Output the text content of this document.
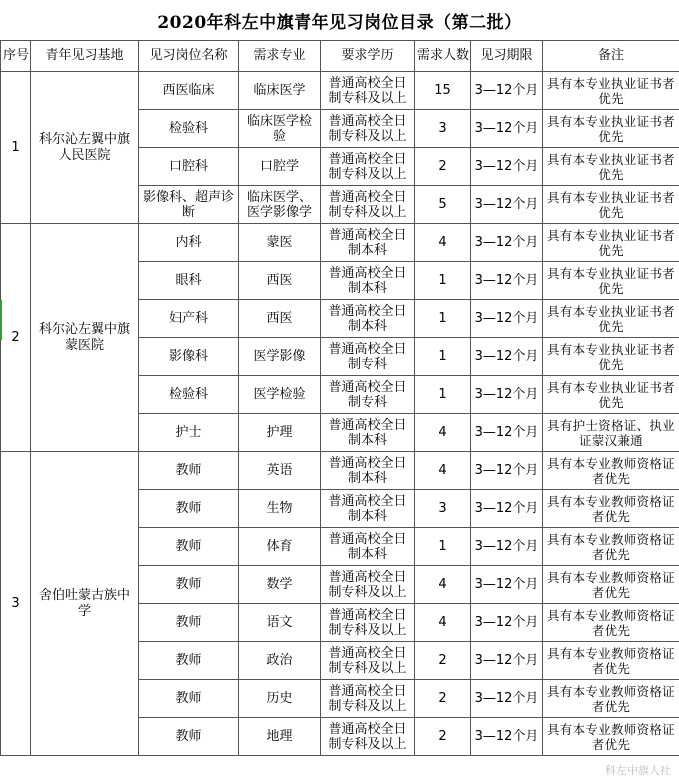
2020年科左中旗青年见习岗位目录（第二批）
序号	青年见习基地	见习岗位名称	需求专业	要求学历	需求人数	见习期限	备注
1	科尔沁左翼中旗人民医院	西医临床	临床医学	普通高校全日制专科及以上	15	3—12个月	具有本专业执业证书者优先
		检验科	临床医学检验	普通高校全日制专科及以上	3	3—12个月	具有本专业执业证书者优先
		口腔科	口腔学	普通高校全日制专科及以上	2	3—12个月	具有本专业执业证书者优先
		影像科、超声诊断	临床医学、医学影像学	普通高校全日制专科及以上	5	3—12个月	具有本专业执业证书者优先
2	科尔沁左翼中旗蒙医院	内科	蒙医	普通高校全日制本科	4	3—12个月	具有本专业执业证书者优先
		眼科	西医	普通高校全日制本科	1	3—12个月	具有本专业执业证书者优先
		妇产科	西医	普通高校全日制本科	1	3—12个月	具有本专业执业证书者优先
		影像科	医学影像	普通高校全日制专科	1	3—12个月	具有本专业执业证书者优先
		检验科	医学检验	普通高校全日制专科	1	3—12个月	具有本专业执业证书者优先
		护士	护理	普通高校全日制本科	4	3—12个月	具有护士资格证、执业证蒙汉兼通
3	舍伯吐蒙古族中学	教师	英语	普通高校全日制本科	4	3—12个月	具有本专业教师资格证者优先
		教师	生物	普通高校全日制本科	3	3—12个月	具有本专业教师资格证者优先
		教师	体育	普通高校全日制本科	1	3—12个月	具有本专业教师资格证者优先
		教师	数学	普通高校全日制专科及以上	4	3—12个月	具有本专业教师资格证者优先
		教师	语文	普通高校全日制专科及以上	4	3—12个月	具有本专业教师资格证者优先
		教师	政治	普通高校全日制专科及以上	2	3—12个月	具有本专业教师资格证者优先
		教师	历史	普通高校全日制专科及以上	2	3—12个月	具有本专业教师资格证者优先
		教师	地理	普通高校全日制专科及以上	2	3—12个月	具有本专业教师资格证者优先
科左中旗人社
